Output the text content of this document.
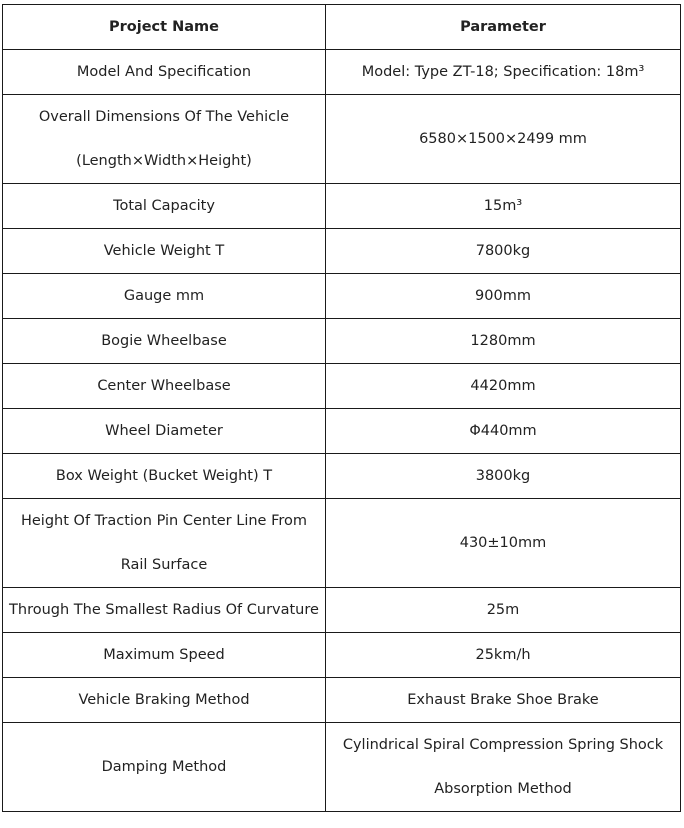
Project Name	Parameter
Model And Specification	Model: Type ZT-18; Specification: 18m³
Overall Dimensions Of The Vehicle (Length×Width×Height)	6580×1500×2499 mm
Total Capacity	15m³
Vehicle Weight T	7800kg
Gauge mm	900mm
Bogie Wheelbase	1280mm
Center Wheelbase	4420mm
Wheel Diameter	Φ440mm
Box Weight (Bucket Weight) T	3800kg
Height Of Traction Pin Center Line From Rail Surface	430±10mm
Through The Smallest Radius Of Curvature	25m
Maximum Speed	25km/h
Vehicle Braking Method	Exhaust Brake Shoe Brake
Damping Method	Cylindrical Spiral Compression Spring Shock Absorption Method
